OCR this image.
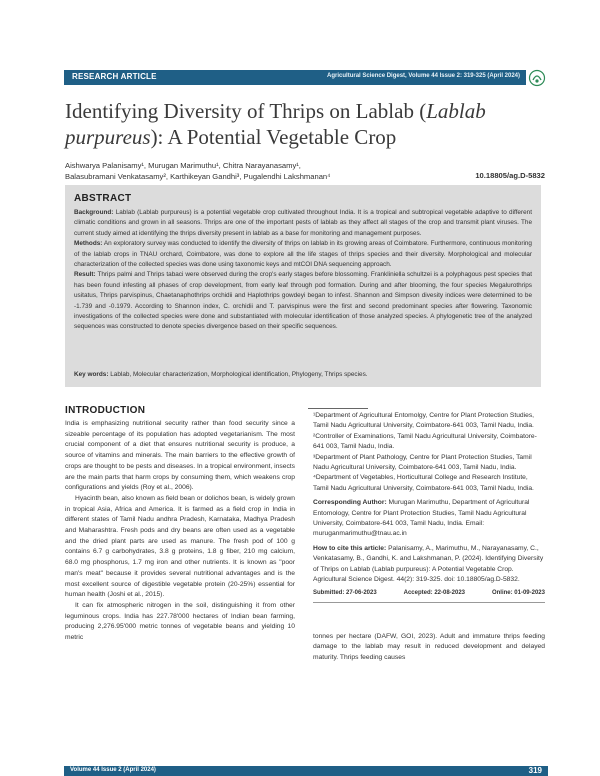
RESEARCH ARTICLE	Agricultural Science Digest, Volume 44 Issue 2: 319-325 (April 2024)
Identifying Diversity of Thrips on Lablab (Lablab purpureus): A Potential Vegetable Crop
Aishwarya Palanisamy¹, Murugan Marimuthu¹, Chitra Narayanasamy¹,
Balasubramani Venkatasamy², Karthikeyan Gandhi³, Pugalendhi Lakshmanan⁴	10.18805/ag.D-5832
ABSTRACT

Background: Lablab (Lablab purpureus) is a potential vegetable crop cultivated throughout India. It is a tropical and subtropical vegetable adaptive to different climatic conditions and grown in all seasons. Thrips are one of the important pests of lablab as they affect all stages of the crop and transmit plant viruses. The current study aimed at identifying the thrips diversity present in lablab as a base for monitoring and management purposes.

Methods: An exploratory survey was conducted to identify the diversity of thrips on lablab in its growing areas of Coimbatore. Furthermore, continuous monitoring of the lablab crops in TNAU orchard, Coimbatore, was done to explore all the life stages of thrips species and their diversity. Morphological and molecular characterization of the collected species was done using taxonomic keys and mtCOI DNA sequencing approach.

Result: Thrips palmi and Thrips tabaci were observed during the crop's early stages before blossoming. Frankliniella schultzei is a polyphagous pest species that has been found infesting all phases of crop development, from early leaf through pod formation. During and after blooming, the four species Megalurothrips usitatus, Thrips parvispinus, Chaetanaphothrips orchidii and Haplothrips gowdeyi began to infest. Shannon and Simpson divesity indices were determined to be -1.739 and -0.1979. According to Shannon index, C. orchidii and T. parvispinus were the first and second predominant species after flowering. Taxonomic investigations of the collected species were done and substantiated with molecular identification of those analyzed species. A phylogenetic tree of the analyzed sequences was constructed to denote species divergence based on their specific sequences.

Key words: Lablab, Molecular characterization, Morphological identification, Phylogeny, Thrips species.
INTRODUCTION

India is emphasizing nutritional security rather than food security since a sizeable percentage of its population has adopted vegetarianism. The most crucial component of a diet that ensures nutritional security is produce, a source of vitamins and minerals. The main barriers to the effective growth of crops are thought to be pests and diseases. In a tropical environment, insects are the main parts that harm crops by consuming them, which weakens crop configurations and yields (Roy et al., 2006).

Hyacinth bean, also known as field bean or dolichos bean, is widely grown in tropical Asia, Africa and America. It is farmed as a field crop in India in different states of Tamil Nadu andhra Pradesh, Karnataka, Madhya Pradesh and Maharashtra. Fresh pods and dry beans are often used as a vegetable and the dried plant parts are used as manure. The fresh pod of 100 g contains 6.7 g carbohydrates, 3.8 g proteins, 1.8 g fiber, 210 mg calcium, 68.0 mg phosphorus, 1.7 mg iron and other nutrients. It is known as "poor man's meat" because it provides several nutritional advantages and is the most excellent source of digestible vegetable protein (20-25%) essential for human health (Joshi et al., 2015).

It can fix atmospheric nitrogen in the soil, distinguishing it from other leguminous crops. India has 227.78'000 hectares of Indian bean farming, producing 2,276.95'000 metric tonnes of vegetable beans and yielding 10 metric

¹Department of Agricultural Entomolgy, Centre for Plant Protection Studies, Tamil Nadu Agricultural University, Coimbatore-641 003, Tamil Nadu, India.

²Controller of Examinations, Tamil Nadu Agricultural University, Coimbatore-641 003, Tamil Nadu, India.

³Department of Plant Pathology, Centre for Plant Protection Studies, Tamil Nadu Agricultural University, Coimbatore-641 003, Tamil Nadu, India.

⁴Department of Vegetables, Horticultural College and Research Institute, Tamil Nadu Agricultural University, Coimbatore-641 003, Tamil Nadu, India.

Corresponding Author: Murugan Marimuthu, Department of Agricultural Entomology, Centre for Plant Protection Studies, Tamil Nadu Agricultural University, Coimbatore-641 003, Tamil Nadu, India. Email: muruganmarimuthu@tnau.ac.in

How to cite this article: Palanisamy, A., Marimuthu, M., Narayanasamy, C., Venkatasamy, B., Gandhi, K. and Lakshmanan, P. (2024). Identifying Diversity of Thrips on Lablab (Lablab purpureus): A Potential Vegetable Crop. Agricultural Science Digest. 44(2): 319-325. doi: 10.18805/ag.D-5832.

Submitted: 27-06-2023	Accepted: 22-08-2023	Online: 01-09-2023

tonnes per hectare (DAFW, GOI, 2023). Adult and immature thrips feeding damage to the lablab may result in reduced development and delayed maturity. Thrips feeding causes

Volume 44 Issue 2 (April 2024)	319
